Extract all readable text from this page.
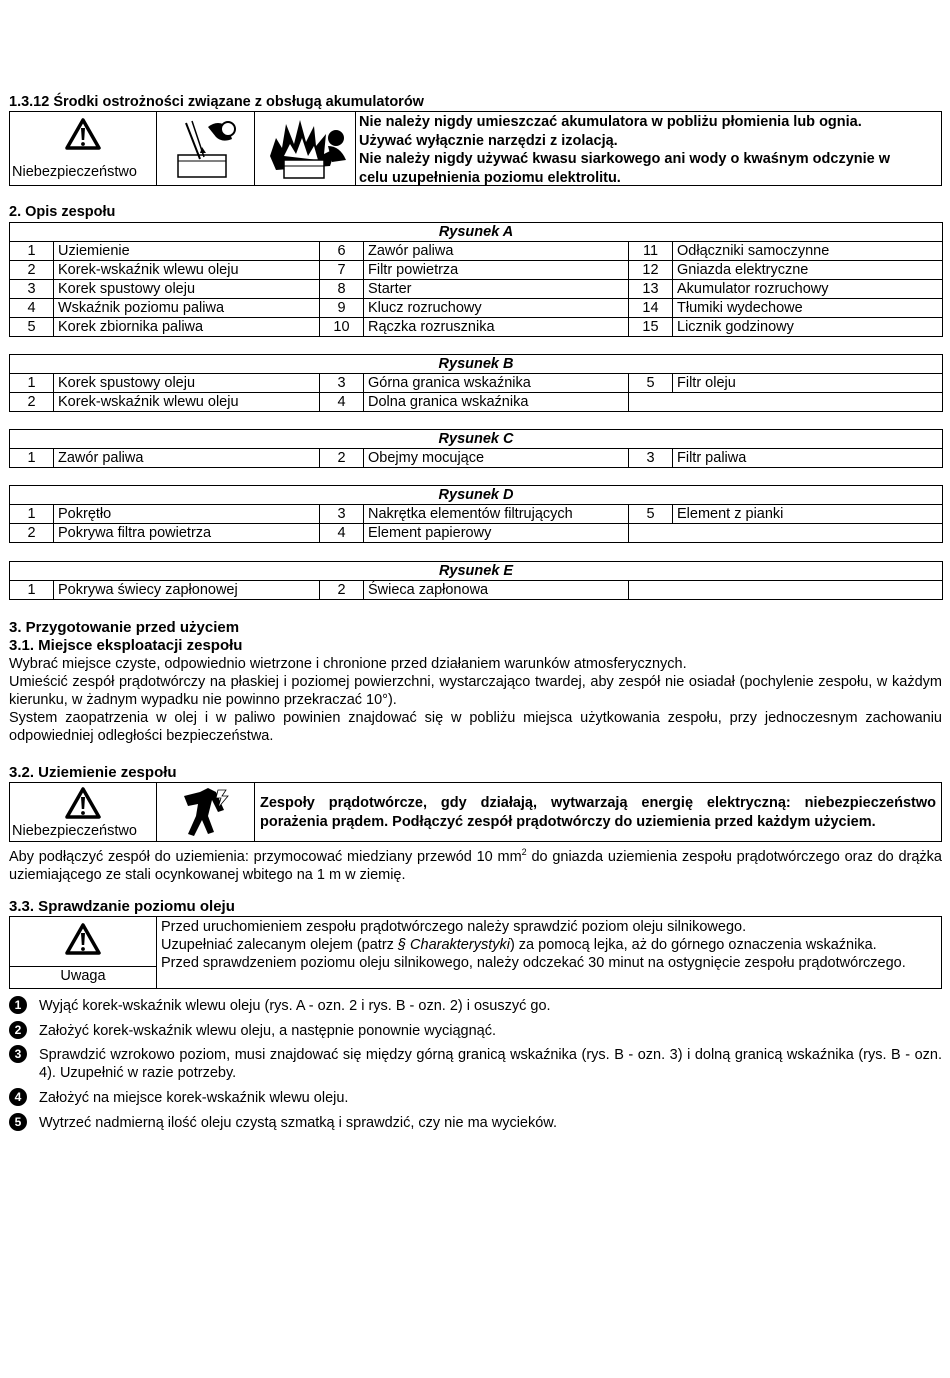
1.3.12 Środki ostrożności związane z obsługą akumulatorów
Niebezpieczeństwo
Nie należy nigdy umieszczać akumulatora w pobliżu płomienia lub ognia.
Używać wyłącznie narzędzi z izolacją.
Nie należy nigdy używać kwasu siarkowego ani wody o kwaśnym odczynie w
celu uzupełnienia poziomu elektrolitu.
2. Opis zespołu
Rysunek A					
1	Uziemienie	6	Zawór paliwa	11	Odłączniki samoczynne
2	Korek-wskaźnik wlewu oleju	7	Filtr powietrza	12	Gniazda elektryczne
3	Korek spustowy oleju	8	Starter	13	Akumulator rozruchowy
4	Wskaźnik poziomu paliwa	9	Klucz rozruchowy	14	Tłumiki wydechowe
5	Korek zbiornika paliwa	10	Rączka rozrusznika	15	Licznik godzinowy
Rysunek B					
1	Korek spustowy oleju	3	Górna granica wskaźnika	5	Filtr oleju
2	Korek-wskaźnik wlewu oleju	4	Dolna granica wskaźnika		
Rysunek C
1	Zawór paliwa	2	Obejmy mocujące	3	Filtr paliwa
Rysunek D					
1	Pokrętło	3	Nakrętka elementów filtrujących	5	Element z pianki
2	Pokrywa filtra powietrza	4	Element papierowy		
Rysunek E
1	Pokrywa świecy zapłonowej	2	Świeca zapłonowa	
3. Przygotowanie przed użyciem
3.1. Miejsce eksploatacji zespołu

Wybrać miejsce czyste, odpowiednio wietrzone i chronione przed działaniem warunków atmosferycznych.

Umieścić zespół prądotwórczy na płaskiej i poziomej powierzchni, wystarczająco twardej, aby zespół nie osiadał (pochylenie zespołu, w każdym kierunku, w żadnym wypadku nie powinno przekraczać 10°).

System zaopatrzenia w olej i w paliwo powinien znajdować się w pobliżu miejsca użytkowania zespołu, przy jednoczesnym zachowaniu odpowiedniej odległości bezpieczeństwa.

3.2. Uziemienie zespołu
Niebezpieczeństwo
Zespoły prądotwórcze, gdy działają, wytwarzają energię elektryczną: niebezpieczeństwo porażenia prądem. Podłączyć zespół prądotwórczy do uziemienia przed każdym użyciem.

Aby podłączyć zespół do uziemienia: przymocować miedziany przewód 10 $mm^2$ do gniazda uziemienia zespołu prądotwórczego oraz do drążka uziemiającego ze stali ocynkowanej wbitego na 1 m w ziemię.

3.3. Sprawdzanie poziomu oleju
Uwaga
Przed uruchomieniem zespołu prądotwórczego należy sprawdzić poziom oleju silnikowego.
Uzupełniać zalecanym olejem (patrz § Charakterystyki) za pomocą lejka, aż do górnego oznaczenia wskaźnika.
Przed sprawdzeniem poziomu oleju silnikowego, należy odczekać 30 minut na ostygnięcie zespołu prądotwórczego.
1	Wyjąć korek-wskaźnik wlewu oleju (rys. A - ozn. 2 i rys. B - ozn. 2) i osuszyć go.
2	Założyć korek-wskaźnik wlewu oleju, a następnie ponownie wyciągnąć.
3	Sprawdzić wzrokowo poziom, musi znajdować się między górną granicą wskaźnika (rys. B - ozn. 3) i dolną granicą wskaźnika (rys. B - ozn. 4). Uzupełnić w razie potrzeby.
4	Założyć na miejsce korek-wskaźnik wlewu oleju.
5	Wytrzeć nadmierną ilość oleju czystą szmatką i sprawdzić, czy nie ma wycieków.
